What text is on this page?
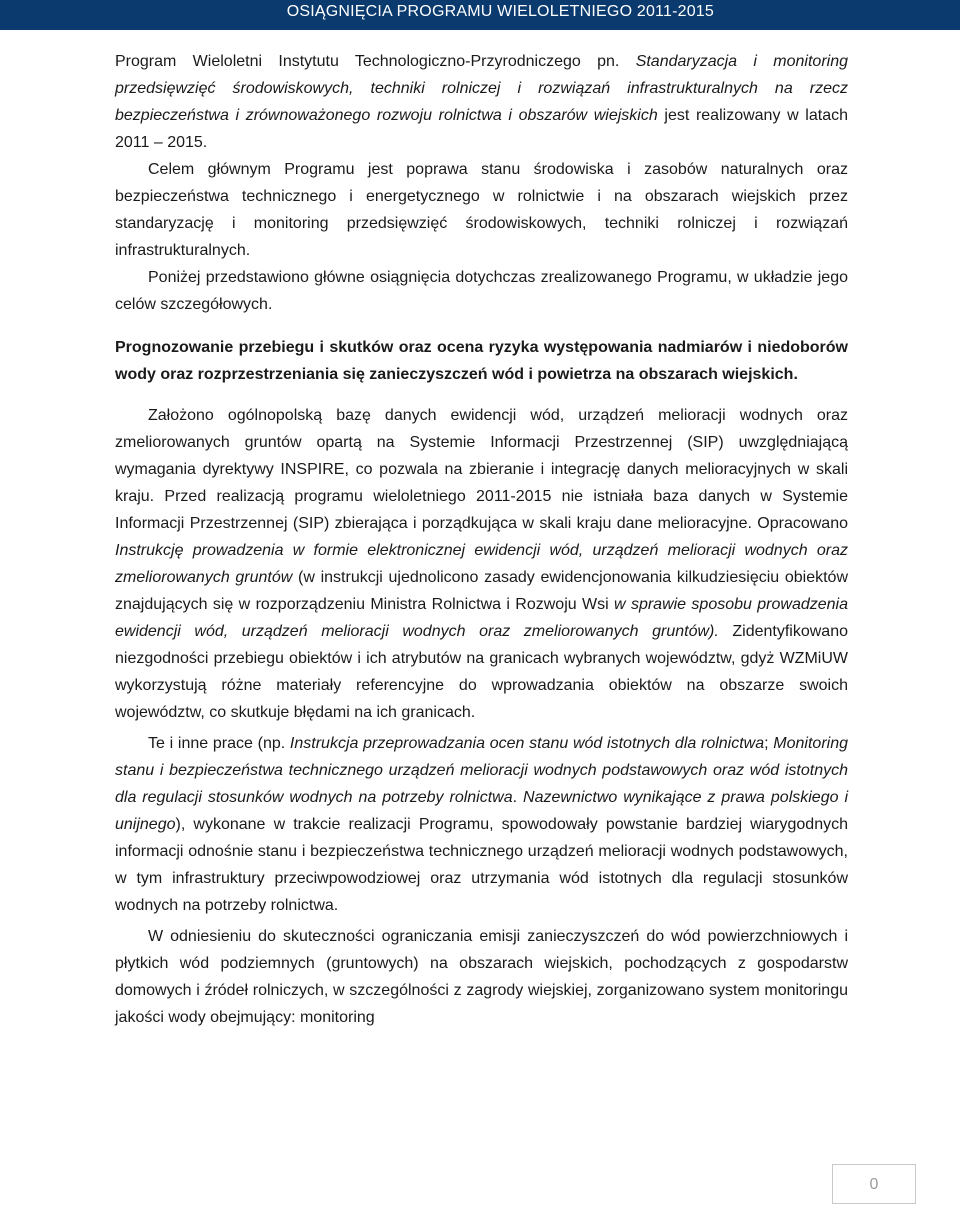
OSIĄGNIĘCIA PROGRAMU WIELOLETNIEGO 2011-2015

Program Wieloletni Instytutu Technologiczno-Przyrodniczego pn. Standaryzacja i monitoring przedsięwzięć środowiskowych, techniki rolniczej i rozwiązań infrastrukturalnych na rzecz bezpieczeństwa i zrównoważonego rozwoju rolnictwa i obszarów wiejskich jest realizowany w latach 2011 – 2015.

Celem głównym Programu jest poprawa stanu środowiska i zasobów naturalnych oraz bezpieczeństwa technicznego i energetycznego w rolnictwie i na obszarach wiejskich przez standaryzację i monitoring przedsięwzięć środowiskowych, techniki rolniczej i rozwiązań infrastrukturalnych.

Poniżej przedstawiono główne osiągnięcia dotychczas zrealizowanego Programu, w układzie jego celów szczegółowych.

Prognozowanie przebiegu i skutków oraz ocena ryzyka występowania nadmiarów i niedoborów wody oraz rozprzestrzeniania się zanieczyszczeń wód i powietrza na obszarach wiejskich.

Założono ogólnopolską bazę danych ewidencji wód, urządzeń melioracji wodnych oraz zmeliorowanych gruntów opartą na Systemie Informacji Przestrzennej (SIP) uwzględniającą wymagania dyrektywy INSPIRE, co pozwala na zbieranie i integrację danych melioracyjnych w skali kraju. Przed realizacją programu wieloletniego 2011-2015 nie istniała baza danych w Systemie Informacji Przestrzennej (SIP) zbierająca i porządkująca w skali kraju dane melioracyjne. Opracowano Instrukcję prowadzenia w formie elektronicznej ewidencji wód, urządzeń melioracji wodnych oraz zmeliorowanych gruntów (w instrukcji ujednolicono zasady ewidencjonowania kilkudziesięciu obiektów znajdujących się w rozporządzeniu Ministra Rolnictwa i Rozwoju Wsi w sprawie sposobu prowadzenia ewidencji wód, urządzeń melioracji wodnych oraz zmeliorowanych gruntów). Zidentyfikowano niezgodności przebiegu obiektów i ich atrybutów na granicach wybranych województw, gdyż WZMiUW wykorzystują różne materiały referencyjne do wprowadzania obiektów na obszarze swoich województw, co skutkuje błędami na ich granicach.

Te i inne prace (np. Instrukcja przeprowadzania ocen stanu wód istotnych dla rolnictwa; Monitoring stanu i bezpieczeństwa technicznego urządzeń melioracji wodnych podstawowych oraz wód istotnych dla regulacji stosunków wodnych na potrzeby rolnictwa. Nazewnictwo wynikające z prawa polskiego i unijnego), wykonane w trakcie realizacji Programu, spowodowały powstanie bardziej wiarygodnych informacji odnośnie stanu i bezpieczeństwa technicznego urządzeń melioracji wodnych podstawowych, w tym infrastruktury przeciwpowodziowej oraz utrzymania wód istotnych dla regulacji stosunków wodnych na potrzeby rolnictwa.

W odniesieniu do skuteczności ograniczania emisji zanieczyszczeń do wód powierzchniowych i płytkich wód podziemnych (gruntowych) na obszarach wiejskich, pochodzących z gospodarstw domowych i źródeł rolniczych, w szczególności z zagrody wiejskiej, zorganizowano system monitoringu jakości wody obejmujący: monitoring

0
